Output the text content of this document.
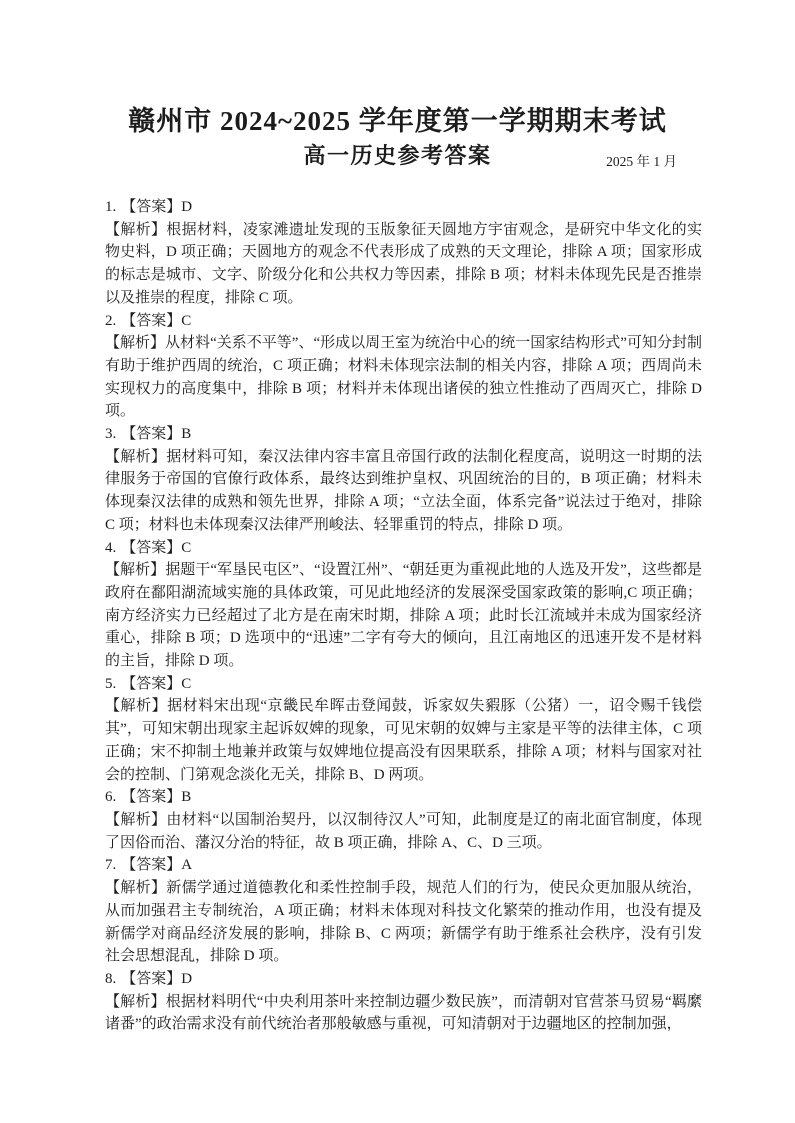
赣州市 2024~2025 学年度第一学期期末考试
高一历史参考答案	2025 年 1 月
1. 【答案】D
【解析】根据材料，凌家滩遗址发现的玉版象征天圆地方宇宙观念，是研究中华文化的实物史料，D 项正确；天圆地方的观念不代表形成了成熟的天文理论，排除 A 项；国家形成的标志是城市、文字、阶级分化和公共权力等因素，排除 B 项；材料未体现先民是否推崇以及推崇的程度，排除 C 项。
2. 【答案】C
【解析】从材料“关系不平等”、“形成以周王室为统治中心的统一国家结构形式”可知分封制有助于维护西周的统治，C 项正确；材料未体现宗法制的相关内容，排除 A 项；西周尚未实现权力的高度集中，排除 B 项；材料并未体现出诸侯的独立性推动了西周灭亡，排除 D 项。
3. 【答案】B
【解析】据材料可知，秦汉法律内容丰富且帝国行政的法制化程度高，说明这一时期的法律服务于帝国的官僚行政体系，最终达到维护皇权、巩固统治的目的，B 项正确；材料未体现秦汉法律的成熟和领先世界，排除 A 项；“立法全面，体系完备”说法过于绝对，排除 C 项；材料也未体现秦汉法律严刑峻法、轻罪重罚的特点，排除 D 项。
4. 【答案】C
【解析】据题干“军垦民屯区”、“设置江州”、“朝廷更为重视此地的人选及开发”，这些都是政府在鄱阳湖流域实施的具体政策，可见此地经济的发展深受国家政策的影响,C 项正确；南方经济实力已经超过了北方是在南宋时期，排除 A 项；此时长江流域并未成为国家经济重心，排除 B 项；D 选项中的“迅速”二字有夸大的倾向，且江南地区的迅速开发不是材料的主旨，排除 D 项。
5. 【答案】C
【解析】据材料宋出现“京畿民牟晖击登闻鼓，诉家奴失豭豚（公猪）一，诏令赐千钱偿其”，可知宋朝出现家主起诉奴婢的现象，可见宋朝的奴婢与主家是平等的法律主体，C 项正确；宋不抑制土地兼并政策与奴婢地位提高没有因果联系，排除 A 项；材料与国家对社会的控制、门第观念淡化无关，排除 B、D 两项。
6. 【答案】B
【解析】由材料“以国制治契丹，以汉制待汉人”可知，此制度是辽的南北面官制度，体现了因俗而治、藩汉分治的特征，故 B 项正确，排除 A、C、D 三项。
7. 【答案】A
【解析】新儒学通过道德教化和柔性控制手段，规范人们的行为，使民众更加服从统治，从而加强君主专制统治，A 项正确；材料未体现对科技文化繁荣的推动作用，也没有提及新儒学对商品经济发展的影响，排除 B、C 两项；新儒学有助于维系社会秩序，没有引发社会思想混乱，排除 D 项。
8. 【答案】D
【解析】根据材料明代“中央利用茶叶来控制边疆少数民族”，而清朝对官营茶马贸易“羁縻诸番”的政治需求没有前代统治者那般敏感与重视，可知清朝对于边疆地区的控制加强，
